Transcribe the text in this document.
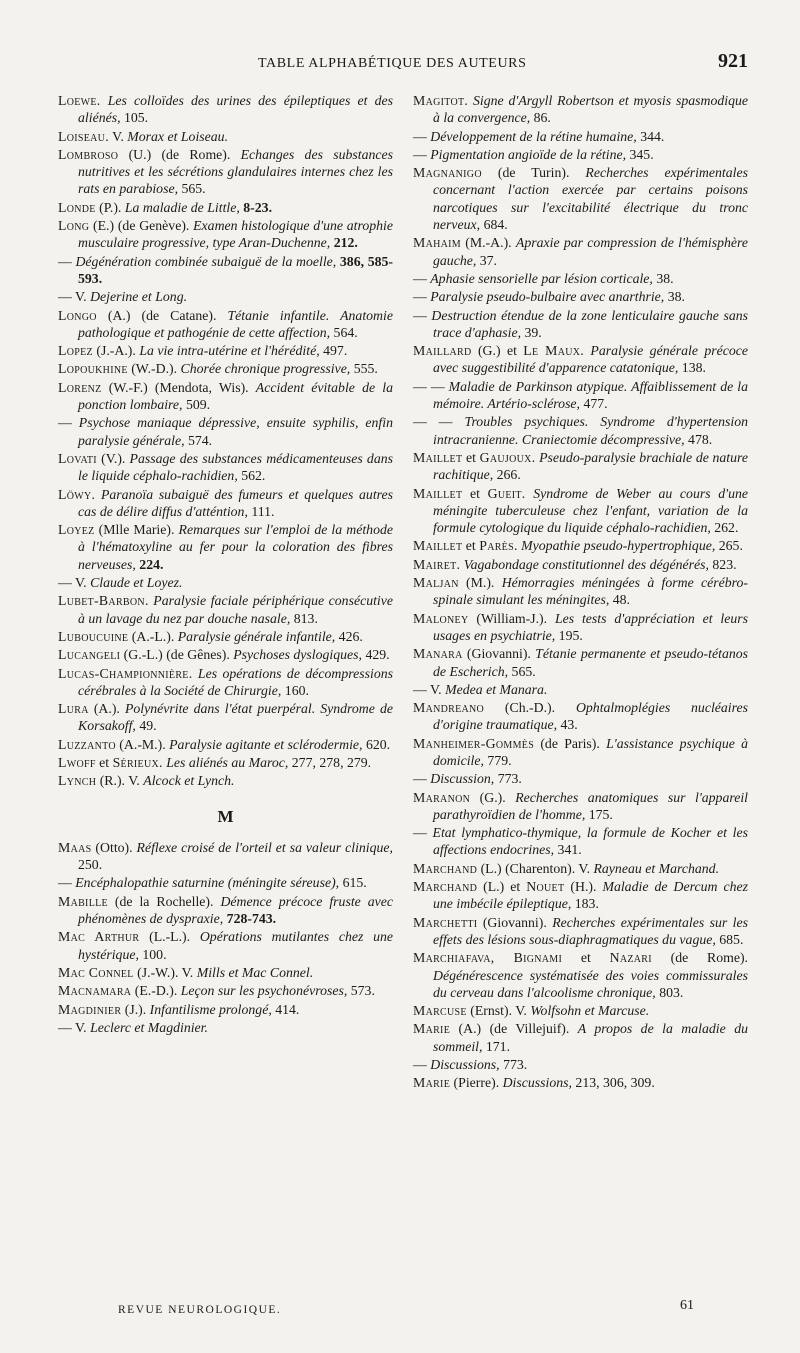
TABLE ALPHABÉTIQUE DES AUTEURS	921
Loewe. Les colloïdes des urines des épileptiques et des aliénés, 105.
Loiseau. V. Morax et Loiseau.
Lombroso (U.) (de Rome). Echanges des substances nutritives et les sécrétions glandulaires internes chez les rats en parabiose, 565.
Londe (P.). La maladie de Little, 8-23.
Long (E.) (de Genève). Examen histologique d'une atrophie musculaire progressive, type Aran-Duchenne, 212.
— Dégénération combinée subaiguë de la moelle, 386, 585-593.
— V. Dejerine et Long.
Longo (A.) (de Catane). Tétanie infantile. Anatomie pathologique et pathogénie de cette affection, 564.
Lopez (J.-A.). La vie intra-utérine et l'hérédité, 497.
Lopoukhine (W.-D.). Chorée chronique progressive, 555.
Lorenz (W.-F.) (Mendota, Wis). Accident évitable de la ponction lombaire, 509.
— Psychose maniaque dépressive, ensuite syphilis, enfin paralysie générale, 574.
Lovati (V.). Passage des substances médicamenteuses dans le liquide céphalo-rachidien, 562.
Löwy. Paranoïa subaiguë des fumeurs et quelques autres cas de délire diffus d'atténtion, 111.
Loyez (Mlle Marie). Remarques sur l'emploi de la méthode à l'hématoxyline au fer pour la coloration des fibres nerveuses, 224.
— V. Claude et Loyez.
Lubet-Barbon. Paralysie faciale périphérique consécutive à un lavage du nez par douche nasale, 813.
Luboucuine (A.-L.). Paralysie générale infantile, 426.
Lucangeli (G.-L.) (de Gênes). Psychoses dyslogiques, 429.
Lucas-Championnière. Les opérations de décompressions cérébrales à la Société de Chirurgie, 160.
Lura (A.). Polynévrite dans l'état puerpéral. Syndrome de Korsakoff, 49.
Luzzanto (A.-M.). Paralysie agitante et sclérodermie, 620.
Lwoff et Sérieux. Les aliénés au Maroc, 277, 278, 279.
Lynch (R.). V. Alcock et Lynch.
M
Maas (Otto). Réflexe croisé de l'orteil et sa valeur clinique, 250.
— Encéphalopathie saturnine (méningite séreuse), 615.
Mabille (de la Rochelle). Démence précoce fruste avec phénomènes de dyspraxie, 728-743.
Mac Arthur (L.-L.). Opérations mutilantes chez une hystérique, 100.
Mac Connel (J.-W.). V. Mills et Mac Connel.
Macnamara (E.-D.). Leçon sur les psychonévroses, 573.
Magdinier (J.). Infantilisme prolongé, 414.
— V. Leclerc et Magdinier.
Magitot. Signe d'Argyll Robertson et myosis spasmodique à la convergence, 86.
— Développement de la rétine humaine, 344.
— Pigmentation angioïde de la rétine, 345.
Magnanigo (de Turin). Recherches expérimentales concernant l'action exercée par certains poisons narcotiques sur l'excitabilité électrique du tronc nerveux, 684.
Mahaim (M.-A.). Apraxie par compression de l'hémisphère gauche, 37.
— Aphasie sensorielle par lésion corticale, 38.
— Paralysie pseudo-bulbaire avec anarthrie, 38.
— Destruction étendue de la zone lenticulaire gauche sans trace d'aphasie, 39.
Maillard (G.) et Le Maux. Paralysie générale précoce avec suggestibilité d'apparence catatonique, 138.
— — Maladie de Parkinson atypique. Affaiblissement de la mémoire. Artério-sclérose, 477.
— — Troubles psychiques. Syndrome d'hypertension intracranienne. Craniectomie décompressive, 478.
Maillet et Gaujoux. Pseudo-paralysie brachiale de nature rachitique, 266.
Maillet et Gueit. Syndrome de Weber au cours d'une méningite tuberculeuse chez l'enfant, variation de la formule cytologique du liquide céphalo-rachidien, 262.
Maillet et Parès. Myopathie pseudo-hypertrophique, 265.
Mairet. Vagabondage constitutionnel des dégénérés, 823.
Maljan (M.). Hémorragies méningées à forme cérébro-spinale simulant les méningites, 48.
Maloney (William-J.). Les tests d'appréciation et leurs usages en psychiatrie, 195.
Manara (Giovanni). Tétanie permanente et pseudo-tétanos de Escherich, 565.
— V. Medea et Manara.
Mandreano (Ch.-D.). Ophtalmoplégies nucléaires d'origine traumatique, 43.
Manheimer-Gommès (de Paris). L'assistance psychique à domicile, 779.
— Discussion, 773.
Maranon (G.). Recherches anatomiques sur l'appareil parathyroïdien de l'homme, 175.
— Etat lymphatico-thymique, la formule de Kocher et les affections endocrines, 341.
Marchand (L.) (Charenton). V. Rayneau et Marchand.
Marchand (L.) et Nouet (H.). Maladie de Dercum chez une imbécile épileptique, 183.
Marchetti (Giovanni). Recherches expérimentales sur les effets des lésions sous-diaphragmatiques du vague, 685.
Marchiafava, Bignami et Nazari (de Rome). Dégénérescence systématisée des voies commissurales du cerveau dans l'alcoolisme chronique, 803.
Marcuse (Ernst). V. Wolfsohn et Marcuse.
Marie (A.) (de Villejuif). A propos de la maladie du sommeil, 171.
— Discussions, 773.
Marie (Pierre). Discussions, 213, 306, 309.
REVUE NEUROLOGIQUE.	61
